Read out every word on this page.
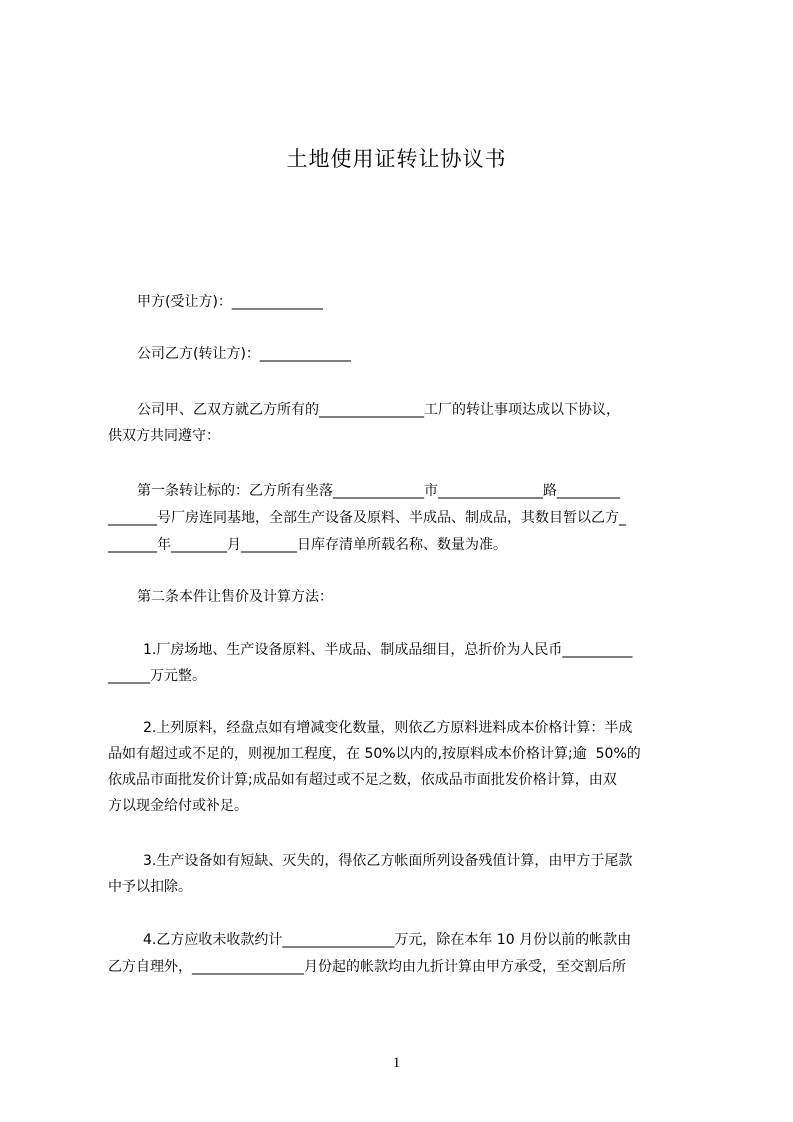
土地使用证转让协议书
甲方(受让方)：_____________
公司乙方(转让方)：_____________
公司甲、乙双方就乙方所有的_______________工厂的转让事项达成以下协议，
供双方共同遵守：
第一条转让标的：乙方所有坐落_____________市_______________路_________
_______号厂房连同基地，全部生产设备及原料、半成品、制成品，其数目暂以乙方_
_______年________月________日库存清单所载名称、数量为准。
第二条本件让售价及计算方法：
1.厂房场地、生产设备原料、半成品、制成品细目，总折价为人民币__________
______万元整。
2.上列原料，经盘点如有增减变化数量，则依乙方原料进料成本价格计算：半成
品如有超过或不足的，则视加工程度，在 50%以内的,按原料成本价格计算;逾  50%的
依成品市面批发价计算;成品如有超过或不足之数，依成品市面批发价格计算，由双
方以现金给付或补足。
3.生产设备如有短缺、灭失的，得依乙方帐面所列设备残值计算，由甲方于尾款
中予以扣除。
4.乙方应收未收款约计________________万元，除在本年 10 月份以前的帐款由
乙方自理外，________________月份起的帐款均由九折计算由甲方承受，至交割后所
1
